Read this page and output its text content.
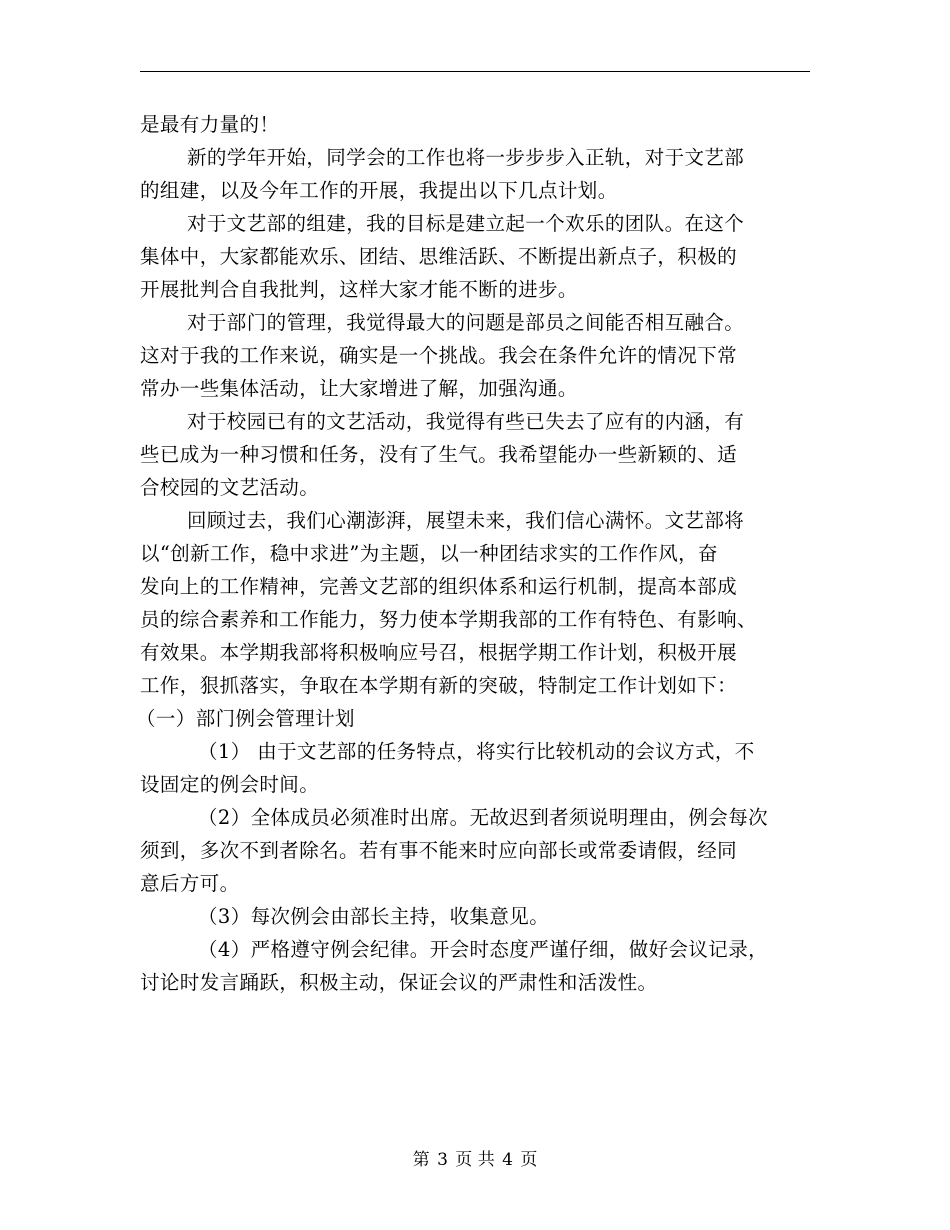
是最有力量的！
新的学年开始，同学会的工作也将一步步步入正轨，对于文艺部
的组建，以及今年工作的开展，我提出以下几点计划。
对于文艺部的组建，我的目标是建立起一个欢乐的团队。在这个
集体中，大家都能欢乐、团结、思维活跃、不断提出新点子，积极的
开展批判合自我批判，这样大家才能不断的进步。
对于部门的管理，我觉得最大的问题是部员之间能否相互融合。
这对于我的工作来说，确实是一个挑战。我会在条件允许的情况下常
常办一些集体活动，让大家增进了解，加强沟通。
对于校园已有的文艺活动，我觉得有些已失去了应有的内涵，有
些已成为一种习惯和任务，没有了生气。我希望能办一些新颖的、适
合校园的文艺活动。
回顾过去，我们心潮澎湃，展望未来，我们信心满怀。文艺部将
以“创新工作，稳中求进”为主题，以一种团结求实的工作作风，奋
发向上的工作精神，完善文艺部的组织体系和运行机制，提高本部成
员的综合素养和工作能力，努力使本学期我部的工作有特色、有影响、
有效果。本学期我部将积极响应号召，根据学期工作计划，积极开展
工作，狠抓落实，争取在本学期有新的突破，特制定工作计划如下：
（一）部门例会管理计划
（1） 由于文艺部的任务特点，将实行比较机动的会议方式，不
设固定的例会时间。
（2）全体成员必须准时出席。无故迟到者须说明理由，例会每次
须到，多次不到者除名。若有事不能来时应向部长或常委请假，经同
意后方可。
（3）每次例会由部长主持，收集意见。
（4）严格遵守例会纪律。开会时态度严谨仔细，做好会议记录，
讨论时发言踊跃，积极主动，保证会议的严肃性和活泼性。
第 3 页 共 4 页
